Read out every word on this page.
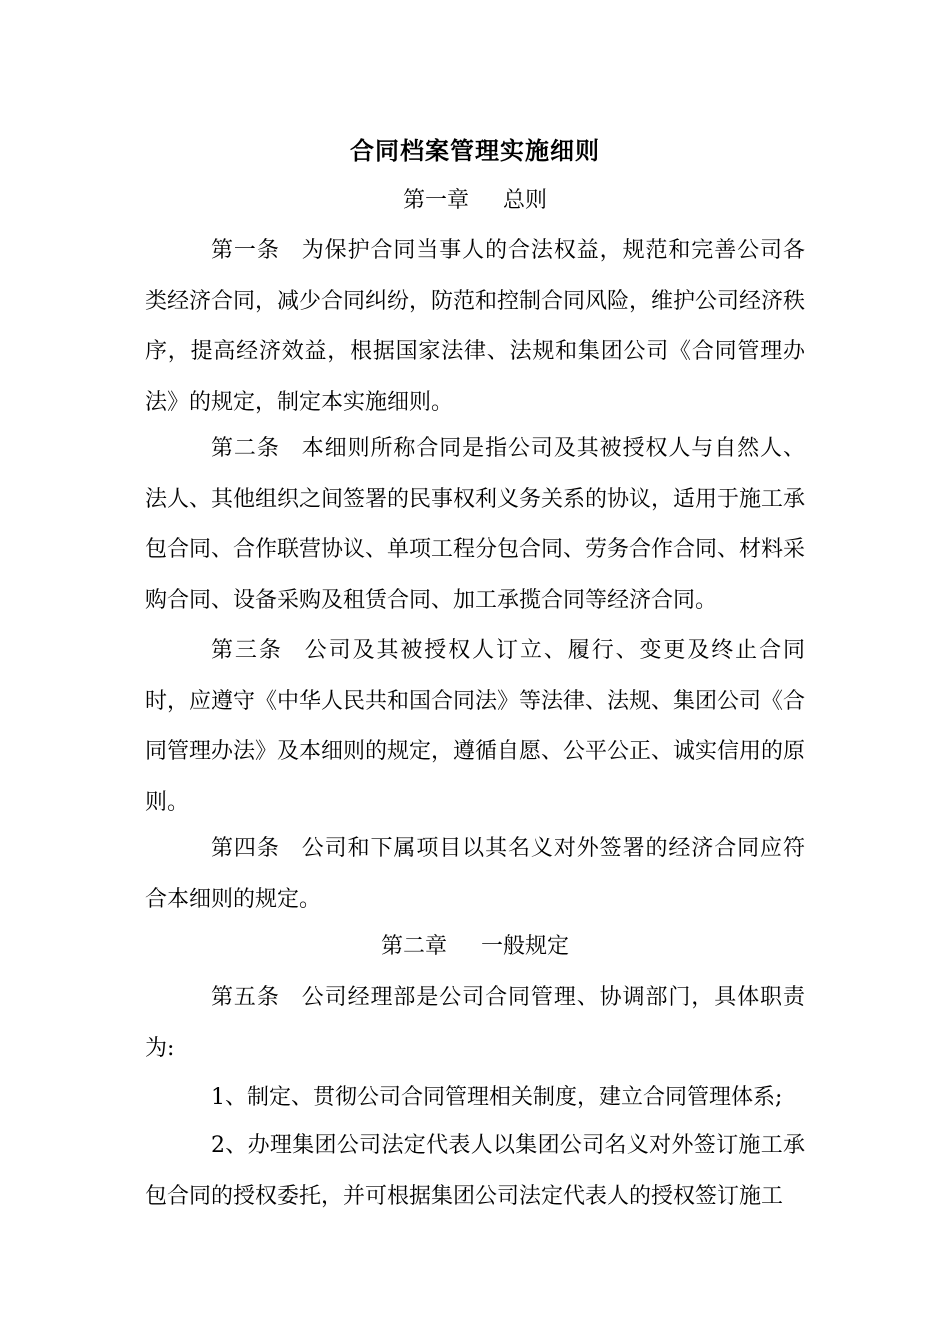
合同档案管理实施细则
第一章 总则
第一条 为保护合同当事人的合法权益，规范和完善公司各类经济合同，减少合同纠纷，防范和控制合同风险，维护公司经济秩序，提高经济效益，根据国家法律、法规和集团公司《合同管理办法》的规定，制定本实施细则。
第二条 本细则所称合同是指公司及其被授权人与自然人、法人、其他组织之间签署的民事权利义务关系的协议，适用于施工承包合同、合作联营协议、单项工程分包合同、劳务合作合同、材料采购合同、设备采购及租赁合同、加工承揽合同等经济合同。
第三条 公司及其被授权人订立、履行、变更及终止合同时，应遵守《中华人民共和国合同法》等法律、法规、集团公司《合同管理办法》及本细则的规定，遵循自愿、公平公正、诚实信用的原则。
第四条 公司和下属项目以其名义对外签署的经济合同应符合本细则的规定。
第二章 一般规定
第五条 公司经理部是公司合同管理、协调部门，具体职责为:
1、制定、贯彻公司合同管理相关制度，建立合同管理体系;
2、办理集团公司法定代表人以集团公司名义对外签订施工承包合同的授权委托，并可根据集团公司法定代表人的授权签订施工
